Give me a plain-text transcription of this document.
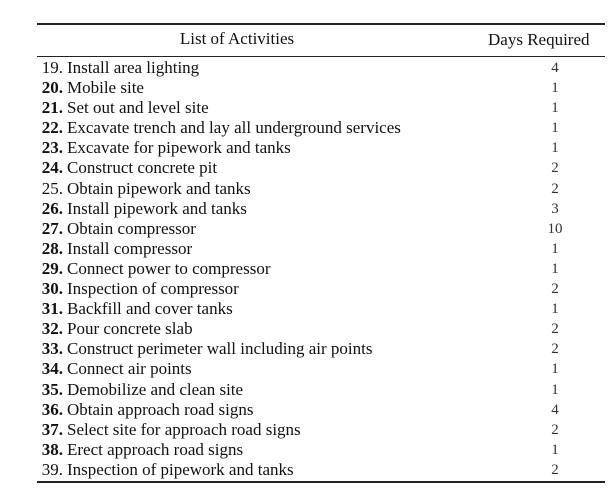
List of Activities	Days Required
19. Install area lighting	4
20. Mobile site	1
21. Set out and level site	1
22. Excavate trench and lay all underground services	1
23. Excavate for pipework and tanks	1
24. Construct concrete pit	2
25. Obtain pipework and tanks	2
26. Install pipework and tanks	3
27. Obtain compressor	10
28. Install compressor	1
29. Connect power to compressor	1
30. Inspection of compressor	2
31. Backfill and cover tanks	1
32. Pour concrete slab	2
33. Construct perimeter wall including air points	2
34. Connect air points	1
35. Demobilize and clean site	1
36. Obtain approach road signs	4
37. Select site for approach road signs	2
38. Erect approach road signs	1
39. Inspection of pipework and tanks	2
